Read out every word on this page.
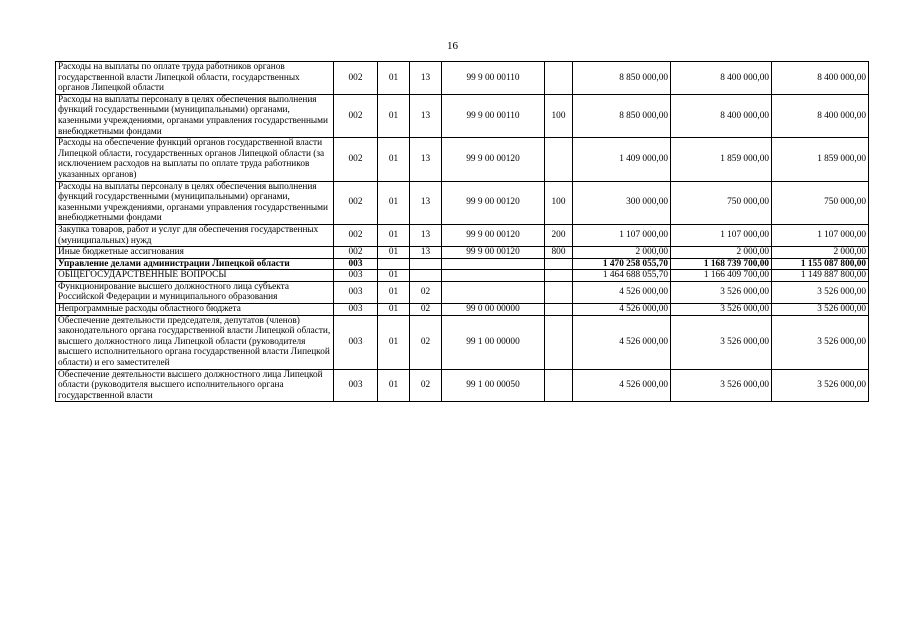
16
Расходы на выплаты по оплате труда работников органов государственной власти Липецкой области, государственных органов Липецкой области	002	01	13	99 9 00 00110		8 850 000,00	8 400 000,00	8 400 000,00
Расходы на выплаты персоналу в целях обеспечения выполнения функций государственными (муниципальными) органами, казенными учреждениями, органами управления государственными внебюджетными фондами	002	01	13	99 9 00 00110	100	8 850 000,00	8 400 000,00	8 400 000,00
Расходы на обеспечение функций органов государственной власти Липецкой области, государственных органов Липецкой области (за исключением расходов на выплаты по оплате труда работников указанных органов)	002	01	13	99 9 00 00120		1 409 000,00	1 859 000,00	1 859 000,00
Расходы на выплаты персоналу в целях обеспечения выполнения функций государственными (муниципальными) органами, казенными учреждениями, органами управления государственными внебюджетными фондами	002	01	13	99 9 00 00120	100	300 000,00	750 000,00	750 000,00
Закупка товаров, работ и услуг для обеспечения государственных (муниципальных) нужд	002	01	13	99 9 00 00120	200	1 107 000,00	1 107 000,00	1 107 000,00
Иные бюджетные ассигнования	002	01	13	99 9 00 00120	800	2 000,00	2 000,00	2 000,00
Управление делами администрации Липецкой области	003					1 470 258 055,70	1 168 739 700,00	1 155 087 800,00
ОБЩЕГОСУДАРСТВЕННЫЕ ВОПРОСЫ	003	01				1 464 688 055,70	1 166 409 700,00	1 149 887 800,00
Функционирование высшего должностного лица субъекта Российской Федерации и муниципального образования	003	01	02			4 526 000,00	3 526 000,00	3 526 000,00
Непрограммные расходы областного бюджета	003	01	02	99 0 00 00000		4 526 000,00	3 526 000,00	3 526 000,00
Обеспечение деятельности председателя, депутатов (членов) законодательного органа государственной власти Липецкой области, высшего должностного лица Липецкой области (руководителя высшего исполнительного органа государственной власти Липецкой области) и его заместителей	003	01	02	99 1 00 00000		4 526 000,00	3 526 000,00	3 526 000,00
Обеспечение деятельности высшего должностного лица Липецкой области (руководителя высшего исполнительного органа государственной власти	003	01	02	99 1 00 00050		4 526 000,00	3 526 000,00	3 526 000,00
